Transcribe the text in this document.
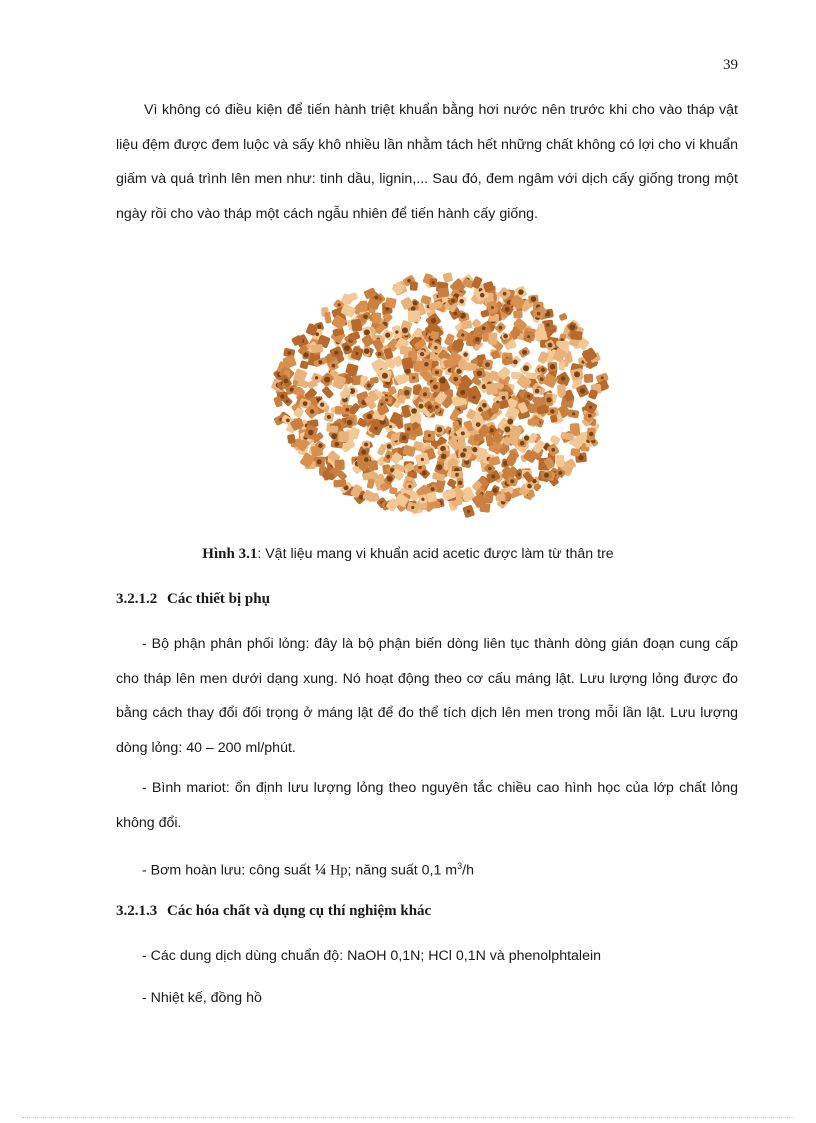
39

Vì không có điều kiện để tiến hành triệt khuẩn bằng hơi nước nên trước khi cho vào tháp vật liệu đệm được đem luộc và sấy khô nhiều lần nhằm tách hết những chất không có lợi cho vi khuẩn giấm và quá trình lên men như: tinh dầu, lignin,... Sau đó, đem ngâm với dịch cấy giống trong một ngày rồi cho vào tháp một cách ngẫu nhiên để tiến hành cấy giống.

Hình 3.1: Vật liệu mang vi khuẩn acid acetic được làm từ thân tre
3.2.1.2 Các thiết bị phụ

- Bộ phận phân phối lỏng: đây là bộ phận biến dòng liên tục thành dòng gián đoạn cung cấp cho tháp lên men dưới dạng xung. Nó hoạt động theo cơ cấu máng lật. Lưu lượng lỏng được đo bằng cách thay đổi đối trọng ở máng lật để đo thể tích dịch lên men trong mỗi lần lật. Lưu lượng dòng lỏng: 40 – 200 ml/phút.

- Bình mariot: ổn định lưu lượng lỏng theo nguyên tắc chiều cao hình học của lớp chất lỏng không đổi.

- Bơm hoàn lưu: công suất ¼ Hp; năng suất 0,1 $m^3/h$

3.2.1.3 Các hóa chất và dụng cụ thí nghiệm khác

- Các dung dịch dùng chuẩn độ: NaOH 0,1N; HCl 0,1N và phenolphtalein

- Nhiệt kế, đồng hồ
